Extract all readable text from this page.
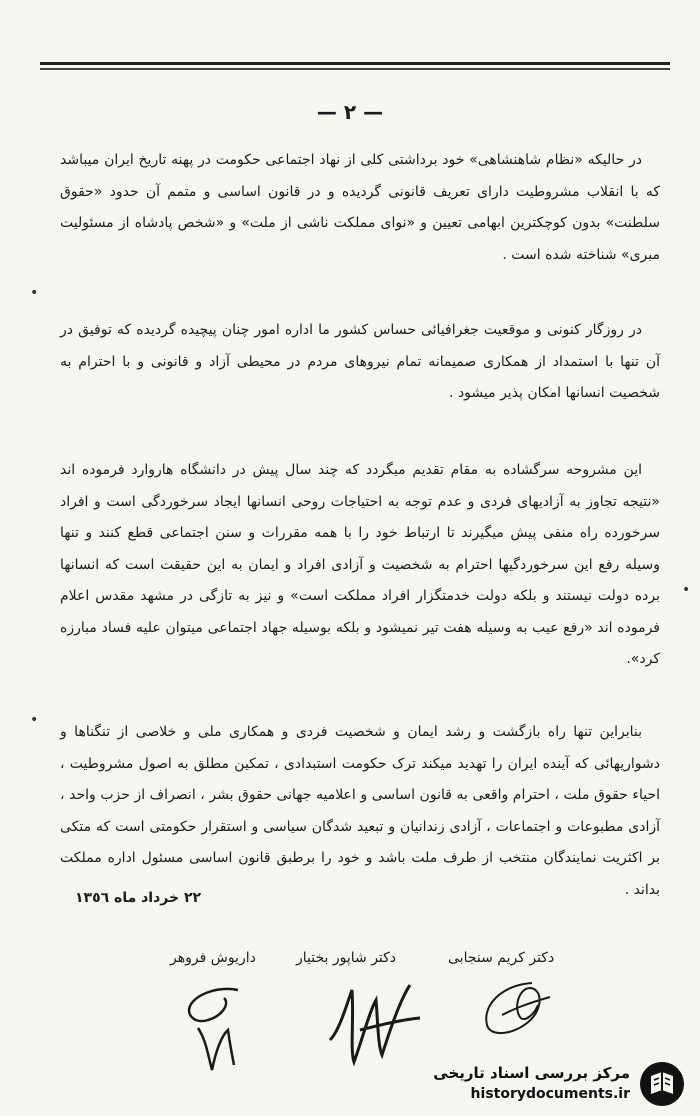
— ٢ —
•
•
•

در حالیکه «نظام شاهنشاهی» خود برداشتی کلی از نهاد اجتماعی حکومت در پهنه تاریخ ایران میباشد که با انقلاب مشروطیت دارای تعریف قانونی گردیده و در قانون اساسی و متمم آن حدود «حقوق سلطنت» بدون کوچکترین ابهامی تعیین و «نوای مملکت ناشی از ملت» و «شخص پادشاه از مسئولیت مبری» شناخته شده است .

در روزگار کنونی و موقعیت جغرافیائی حساس کشور ما اداره امور چنان پیچیده گردیده که توفیق در آن تنها با استمداد از همکاری صمیمانه تمام نیروهای مردم در محیطی آزاد و قانونی و با احترام به شخصیت انسانها امکان پذیر میشود .

این مشروحه سرگشاده به مقام تقدیم میگردد که چند سال پیش در دانشگاه هاروارد فرموده اند «نتیجه تجاوز به آزادیهای فردی و عدم توجه به احتیاجات روحی انسانها ایجاد سرخوردگی است و افراد سرخورده راه منفی پیش میگیرند تا ارتباط خود را با همه مقررات و سنن اجتماعی قطع کنند و تنها وسیله رفع این سرخوردگیها احترام به شخصیت و آزادی افراد و ایمان به این حقیقت است که انسانها برده دولت نیستند و بلکه دولت خدمتگزار افراد مملکت است» و نیز به تازگی در مشهد مقدس اعلام فرموده اند «رفع عیب به وسیله هفت تیر نمیشود و بلکه بوسیله جهاد اجتماعی میتوان علیه فساد مبارزه کرد».

بنابراین تنها راه بازگشت و رشد ایمان و شخصیت فردی و همکاری ملی و خلاصی از تنگناها و دشواریهائی که آینده ایران را تهدید میکند ترک حکومت استبدادی ، تمکین مطلق به اصول مشروطیت ، احیاء حقوق ملت ، احترام واقعی به قانون اساسی و اعلامیه جهانی حقوق بشر ، انصراف از حزب واحد ، آزادی مطبوعات و اجتماعات ، آزادی زندانیان و تبعید شدگان سیاسی و استقرار حکومتی است که متکی بر اکثریت نمایندگان منتخب از طرف ملت باشد و خود را برطبق قانون اساسی مسئول اداره مملکت بداند .

٢٢ خرداد ماه ١٣٥٦
دکتر کریم سنجابی
دکتر شاپور بختیار
داریوش فروهر
مرکز بررسی اسناد تاریخی
historydocuments.ir
